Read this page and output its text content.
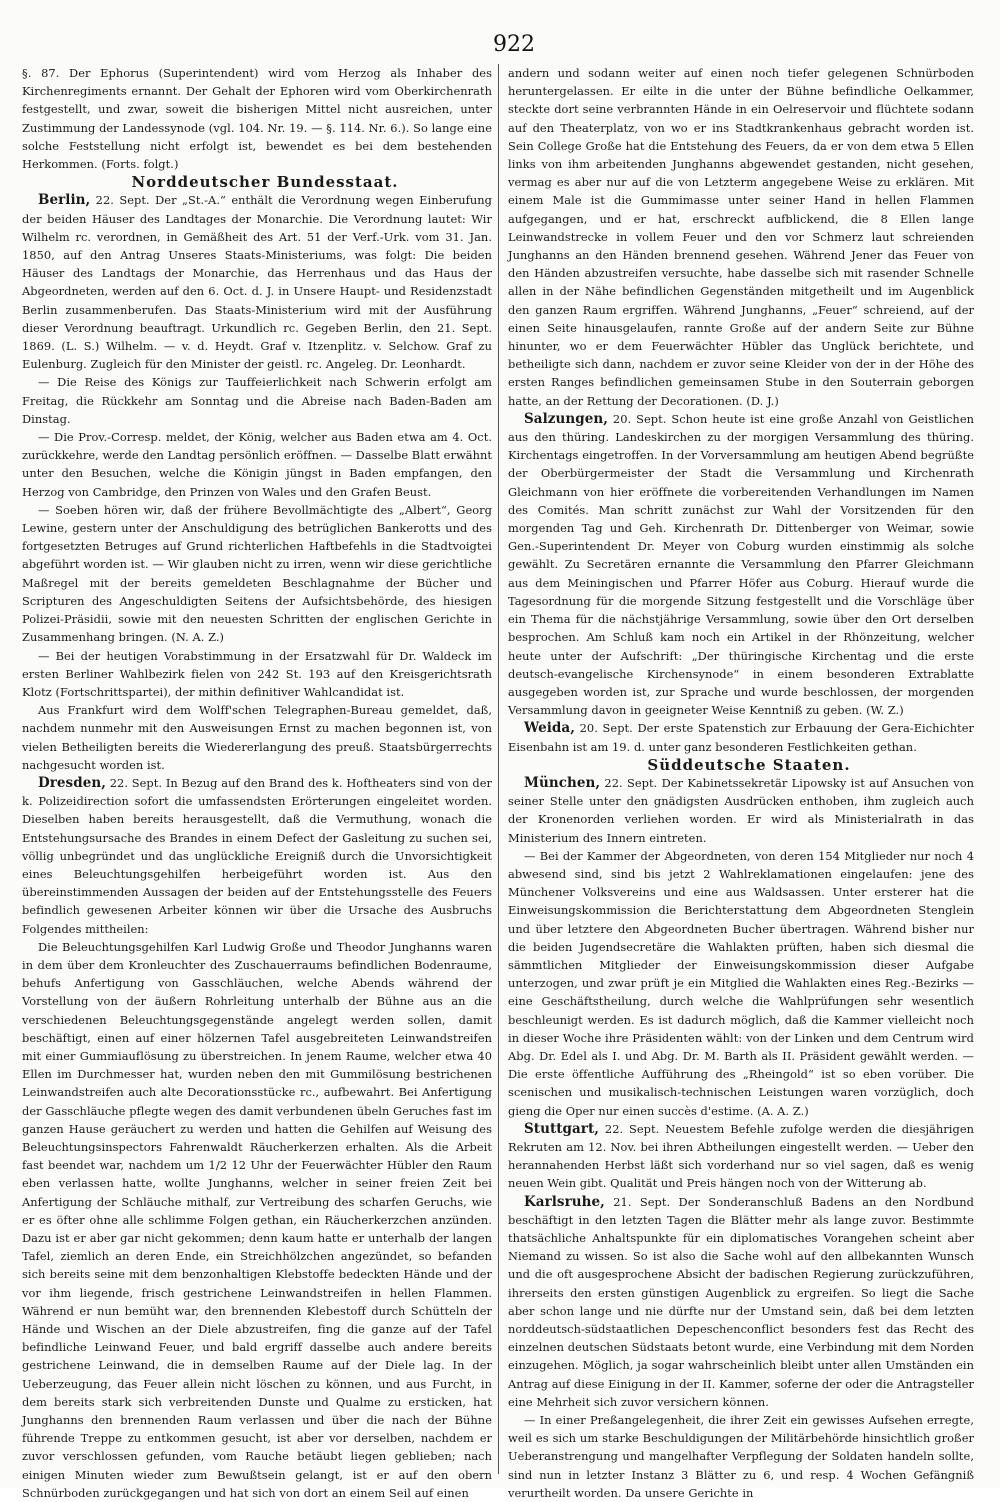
922

§. 87. Der Ephorus (Superintendent) wird vom Herzog als Inhaber des Kirchenregiments ernannt. Der Gehalt der Ephoren wird vom Oberkirchenrath festgestellt, und zwar, soweit die bisherigen Mittel nicht ausreichen, unter Zustimmung der Landessynode (vgl. 104. Nr. 19. — §. 114. Nr. 6.). So lange eine solche Feststellung nicht erfolgt ist, bewendet es bei dem bestehenden Herkommen. (Forts. folgt.)

Norddeutscher Bundesstaat.

Berlin, 22. Sept. Der „St.-A.“ enthält die Verordnung wegen Einberufung der beiden Häuser des Landtages der Monarchie. Die Verordnung lautet: Wir Wilhelm rc. verordnen, in Gemäßheit des Art. 51 der Verf.-Urk. vom 31. Jan. 1850, auf den Antrag Unseres Staats-Ministeriums, was folgt: Die beiden Häuser des Landtags der Monarchie, das Herrenhaus und das Haus der Abgeordneten, werden auf den 6. Oct. d. J. in Unsere Haupt- und Residenzstadt Berlin zusammenberufen. Das Staats-Ministerium wird mit der Ausführung dieser Verordnung beauftragt. Urkundlich rc. Gegeben Berlin, den 21. Sept. 1869. (L. S.) Wilhelm. — v. d. Heydt. Graf v. Itzenplitz. v. Selchow. Graf zu Eulenburg. Zugleich für den Minister der geistl. rc. Angeleg. Dr. Leonhardt.

— Die Reise des Königs zur Tauffeierlichkeit nach Schwerin erfolgt am Freitag, die Rückkehr am Sonntag und die Abreise nach Baden-Baden am Dinstag.

— Die Prov.-Corresp. meldet, der König, welcher aus Baden etwa am 4. Oct. zurückkehre, werde den Landtag persönlich eröffnen. — Dasselbe Blatt erwähnt unter den Besuchen, welche die Königin jüngst in Baden empfangen, den Herzog von Cambridge, den Prinzen von Wales und den Grafen Beust.

— Soeben hören wir, daß der frühere Bevollmächtigte des „Albert“, Georg Lewine, gestern unter der Anschuldigung des betrüglichen Bankerotts und des fortgesetzten Betruges auf Grund richterlichen Haftbefehls in die Stadtvoigtei abgeführt worden ist. — Wir glauben nicht zu irren, wenn wir diese gerichtliche Maßregel mit der bereits gemeldeten Beschlagnahme der Bücher und Scripturen des Angeschuldigten Seitens der Aufsichtsbehörde, des hiesigen Polizei-Präsidii, sowie mit den neuesten Schritten der englischen Gerichte in Zusammenhang bringen. (N. A. Z.)

— Bei der heutigen Vorabstimmung in der Ersatzwahl für Dr. Waldeck im ersten Berliner Wahlbezirk fielen von 242 St. 193 auf den Kreisgerichtsrath Klotz (Fortschrittspartei), der mithin definitiver Wahlcandidat ist.

Aus Frankfurt wird dem Wolff'schen Telegraphen-Bureau gemeldet, daß, nachdem nunmehr mit den Ausweisungen Ernst zu machen begonnen ist, von vielen Betheiligten bereits die Wiedererlangung des preuß. Staatsbürgerrechts nachgesucht worden ist.

Dresden, 22. Sept. In Bezug auf den Brand des k. Hoftheaters sind von der k. Polizeidirection sofort die umfassendsten Erörterungen eingeleitet worden. Dieselben haben bereits herausgestellt, daß die Vermuthung, wonach die Entstehungsursache des Brandes in einem Defect der Gasleitung zu suchen sei, völlig unbegründet und das unglückliche Ereigniß durch die Unvorsichtigkeit eines Beleuchtungsgehilfen herbeigeführt worden ist. Aus den übereinstimmenden Aussagen der beiden auf der Entstehungsstelle des Feuers befindlich gewesenen Arbeiter können wir über die Ursache des Ausbruchs Folgendes mittheilen:

Die Beleuchtungsgehilfen Karl Ludwig Große und Theodor Junghanns waren in dem über dem Kronleuchter des Zuschauerraums befindlichen Bodenraume, behufs Anfertigung von Gasschläuchen, welche Abends während der Vorstellung von der äußern Rohrleitung unterhalb der Bühne aus an die verschiedenen Beleuchtungsgegenstände angelegt werden sollen, damit beschäftigt, einen auf einer hölzernen Tafel ausgebreiteten Leinwandstreifen mit einer Gummiauflösung zu überstreichen. In jenem Raume, welcher etwa 40 Ellen im Durchmesser hat, wurden neben den mit Gummilösung bestrichenen Leinwandstreifen auch alte Decorationsstücke rc., aufbewahrt. Bei Anfertigung der Gasschläuche pflegte wegen des damit verbundenen übeln Geruches fast im ganzen Hause geräuchert zu werden und hatten die Gehilfen auf Weisung des Beleuchtungsinspectors Fahrenwaldt Räucherkerzen erhalten. Als die Arbeit fast beendet war, nachdem um 1/2 12 Uhr der Feuerwächter Hübler den Raum eben verlassen hatte, wollte Junghanns, welcher in seiner freien Zeit bei Anfertigung der Schläuche mithalf, zur Vertreibung des scharfen Geruchs, wie er es öfter ohne alle schlimme Folgen gethan, ein Räucherkerzchen anzünden. Dazu ist er aber gar nicht gekommen; denn kaum hatte er unterhalb der langen Tafel, ziemlich an deren Ende, ein Streichhölzchen angezündet, so befanden sich bereits seine mit dem benzonhaltigen Klebstoffe bedeckten Hände und der vor ihm liegende, frisch gestrichene Leinwandstreifen in hellen Flammen. Während er nun bemüht war, den brennenden Klebestoff durch Schütteln der Hände und Wischen an der Diele abzustreifen, fing die ganze auf der Tafel befindliche Leinwand Feuer, und bald ergriff dasselbe auch andere bereits gestrichene Leinwand, die in demselben Raume auf der Diele lag. In der Ueberzeugung, das Feuer allein nicht löschen zu können, und aus Furcht, in dem bereits stark sich verbreitenden Dunste und Qualme zu ersticken, hat Junghanns den brennenden Raum verlassen und über die nach der Bühne führende Treppe zu entkommen gesucht, ist aber vor derselben, nachdem er zuvor verschlossen gefunden, vom Rauche betäubt liegen geblieben; nach einigen Minuten wieder zum Bewußtsein gelangt, ist er auf den obern Schnürboden zurückgegangen und hat sich von dort an einem Seil auf einen

andern und sodann weiter auf einen noch tiefer gelegenen Schnürboden heruntergelassen. Er eilte in die unter der Bühne befindliche Oelkammer, steckte dort seine verbrannten Hände in ein Oelreservoir und flüchtete sodann auf den Theaterplatz, von wo er ins Stadtkrankenhaus gebracht worden ist. Sein College Große hat die Entstehung des Feuers, da er von dem etwa 5 Ellen links von ihm arbeitenden Junghanns abgewendet gestanden, nicht gesehen, vermag es aber nur auf die von Letzterm angegebene Weise zu erklären. Mit einem Male ist die Gummimasse unter seiner Hand in hellen Flammen aufgegangen, und er hat, erschreckt aufblickend, die 8 Ellen lange Leinwandstrecke in vollem Feuer und den vor Schmerz laut schreienden Junghanns an den Händen brennend gesehen. Während Jener das Feuer von den Händen abzustreifen versuchte, habe dasselbe sich mit rasender Schnelle allen in der Nähe befindlichen Gegenständen mitgetheilt und im Augenblick den ganzen Raum ergriffen. Während Junghanns, „Feuer“ schreiend, auf der einen Seite hinausgelaufen, rannte Große auf der andern Seite zur Bühne hinunter, wo er dem Feuerwächter Hübler das Unglück berichtete, und betheiligte sich dann, nachdem er zuvor seine Kleider von der in der Höhe des ersten Ranges befindlichen gemeinsamen Stube in den Souterrain geborgen hatte, an der Rettung der Decorationen. (D. J.)

Salzungen, 20. Sept. Schon heute ist eine große Anzahl von Geistlichen aus den thüring. Landeskirchen zu der morgigen Versammlung des thüring. Kirchentags eingetroffen. In der Vorversammlung am heutigen Abend begrüßte der Oberbürgermeister der Stadt die Versammlung und Kirchenrath Gleichmann von hier eröffnete die vorbereitenden Verhandlungen im Namen des Comités. Man schritt zunächst zur Wahl der Vorsitzenden für den morgenden Tag und Geh. Kirchenrath Dr. Dittenberger von Weimar, sowie Gen.-Superintendent Dr. Meyer von Coburg wurden einstimmig als solche gewählt. Zu Secretären ernannte die Versammlung den Pfarrer Gleichmann aus dem Meiningischen und Pfarrer Höfer aus Coburg. Hierauf wurde die Tagesordnung für die morgende Sitzung festgestellt und die Vorschläge über ein Thema für die nächstjährige Versammlung, sowie über den Ort derselben besprochen. Am Schluß kam noch ein Artikel in der Rhönzeitung, welcher heute unter der Aufschrift: „Der thüringische Kirchentag und die erste deutsch-evangelische Kirchensynode“ in einem besonderen Extrablatte ausgegeben worden ist, zur Sprache und wurde beschlossen, der morgenden Versammlung davon in geeigneter Weise Kenntniß zu geben. (W. Z.)

Weida, 20. Sept. Der erste Spatenstich zur Erbauung der Gera-Eichichter Eisenbahn ist am 19. d. unter ganz besonderen Festlichkeiten gethan.

Süddeutsche Staaten.

München, 22. Sept. Der Kabinetssekretär Lipowsky ist auf Ansuchen von seiner Stelle unter den gnädigsten Ausdrücken enthoben, ihm zugleich auch der Kronenorden verliehen worden. Er wird als Ministerialrath in das Ministerium des Innern eintreten.

— Bei der Kammer der Abgeordneten, von deren 154 Mitglieder nur noch 4 abwesend sind, sind bis jetzt 2 Wahlreklamationen eingelaufen: jene des Münchener Volksvereins und eine aus Waldsassen. Unter ersterer hat die Einweisungskommission die Berichterstattung dem Abgeordneten Stenglein und über letztere den Abgeordneten Bucher übertragen. Während bisher nur die beiden Jugendsecretäre die Wahlakten prüften, haben sich diesmal die sämmtlichen Mitglieder der Einweisungskommission dieser Aufgabe unterzogen, und zwar prüft je ein Mitglied die Wahlakten eines Reg.-Bezirks — eine Geschäftstheilung, durch welche die Wahlprüfungen sehr wesentlich beschleunigt werden. Es ist dadurch möglich, daß die Kammer vielleicht noch in dieser Woche ihre Präsidenten wählt: von der Linken und dem Centrum wird Abg. Dr. Edel als I. und Abg. Dr. M. Barth als II. Präsident gewählt werden. — Die erste öffentliche Aufführung des „Rheingold“ ist so eben vorüber. Die scenischen und musikalisch-technischen Leistungen waren vorzüglich, doch gieng die Oper nur einen succès d'estime. (A. A. Z.)

Stuttgart, 22. Sept. Neuestem Befehle zufolge werden die diesjährigen Rekruten am 12. Nov. bei ihren Abtheilungen eingestellt werden. — Ueber den herannahenden Herbst läßt sich vorderhand nur so viel sagen, daß es wenig neuen Wein gibt. Qualität und Preis hängen noch von der Witterung ab.

Karlsruhe, 21. Sept. Der Sonderanschluß Badens an den Nordbund beschäftigt in den letzten Tagen die Blätter mehr als lange zuvor. Bestimmte thatsächliche Anhaltspunkte für ein diplomatisches Vorangehen scheint aber Niemand zu wissen. So ist also die Sache wohl auf den allbekannten Wunsch und die oft ausgesprochene Absicht der badischen Regierung zurückzuführen, ihrerseits den ersten günstigen Augenblick zu ergreifen. So liegt die Sache aber schon lange und nie dürfte nur der Umstand sein, daß bei dem letzten norddeutsch-südstaatlichen Depeschenconflict besonders fest das Recht des einzelnen deutschen Südstaats betont wurde, eine Verbindung mit dem Norden einzugehen. Möglich, ja sogar wahrscheinlich bleibt unter allen Umständen ein Antrag auf diese Einigung in der II. Kammer, soferne der oder die Antragsteller eine Mehrheit sich zuvor versichern können.

— In einer Preßangelegenheit, die ihrer Zeit ein gewisses Aufsehen erregte, weil es sich um starke Beschuldigungen der Militärbehörde hinsichtlich großer Ueberanstrengung und mangelhafter Verpflegung der Soldaten handeln sollte, sind nun in letzter Instanz 3 Blätter zu 6, und resp. 4 Wochen Gefängniß verurtheilt worden. Da unsere Gerichte in
